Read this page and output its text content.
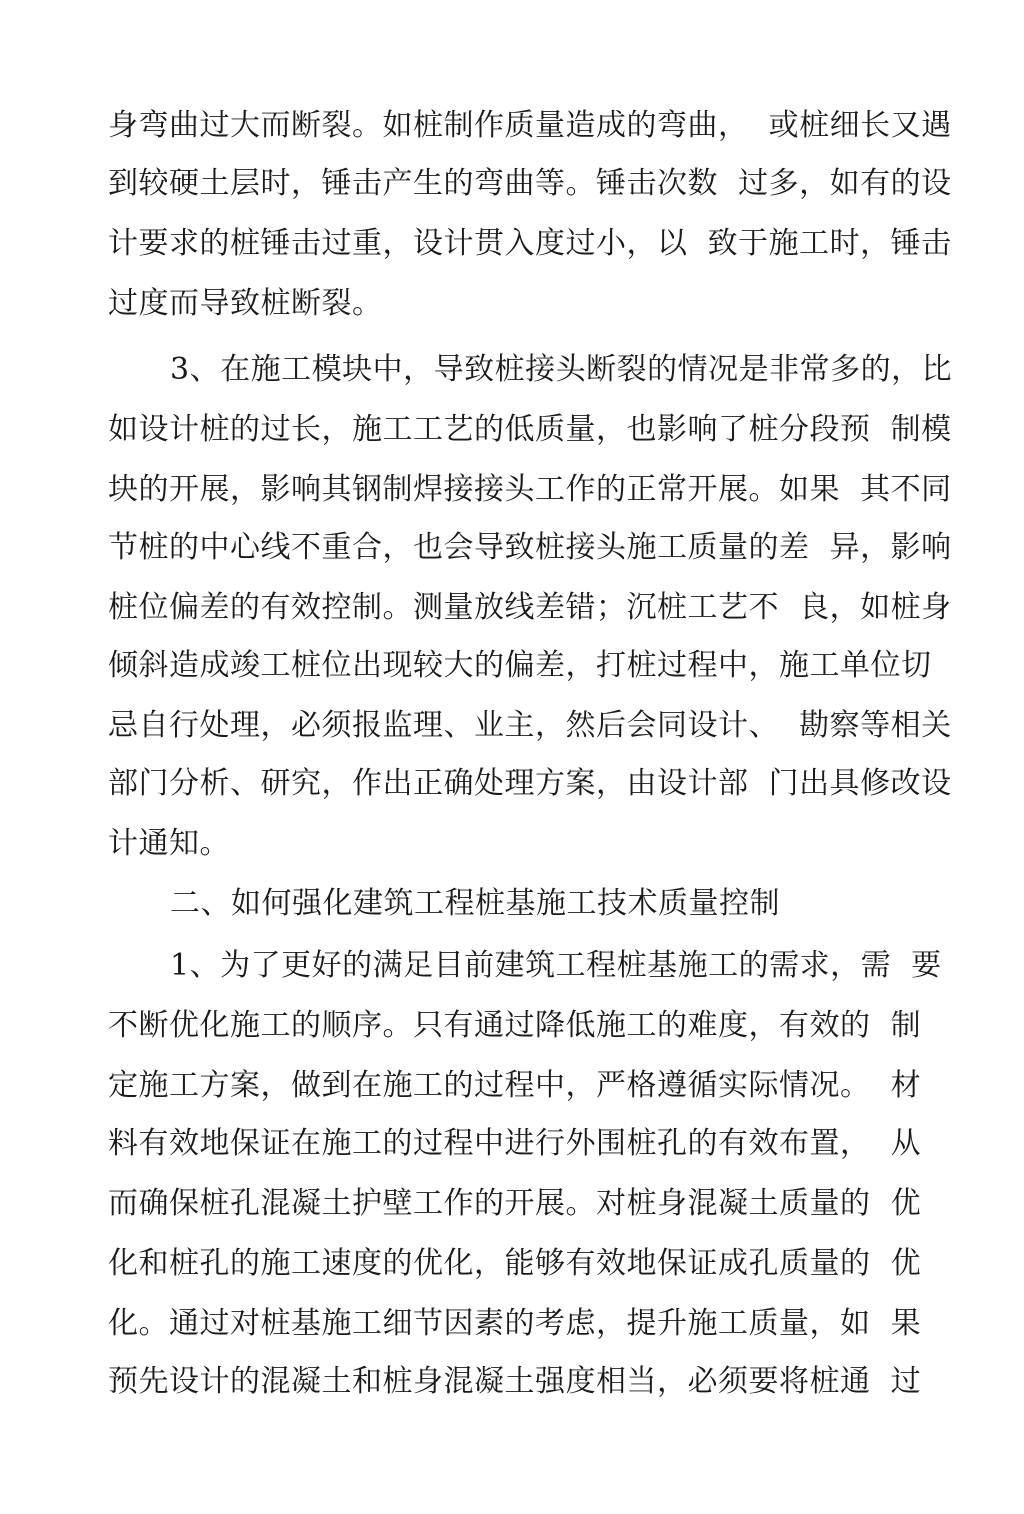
身弯曲过大而断裂。如桩制作质量造成的弯曲，  或桩细长又遇
到较硬土层时，锤击产生的弯曲等。锤击次数  过多，如有的设
计要求的桩锤击过重，设计贯入度过小，以  致于施工时，锤击
过度而导致桩断裂。
3、在施工模块中，导致桩接头断裂的情况是非常多的，比
如设计桩的过长，施工工艺的低质量，也影响了桩分段预  制模
块的开展，影响其钢制焊接接头工作的正常开展。如果  其不同
节桩的中心线不重合，也会导致桩接头施工质量的差  异，影响
桩位偏差的有效控制。测量放线差错；沉桩工艺不  良，如桩身
倾斜造成竣工桩位出现较大的偏差，打桩过程中，施工单位切
忌自行处理，必须报监理、业主，然后会同设计、  勘察等相关
部门分析、研究，作出正确处理方案，由设计部  门出具修改设
计通知。
二、如何强化建筑工程桩基施工技术质量控制
1、为了更好的满足目前建筑工程桩基施工的需求，需  要
不断优化施工的顺序。只有通过降低施工的难度，有效的  制
定施工方案，做到在施工的过程中，严格遵循实际情况。  材
料有效地保证在施工的过程中进行外围桩孔的有效布置，  从
而确保桩孔混凝土护壁工作的开展。对桩身混凝土质量的  优
化和桩孔的施工速度的优化，能够有效地保证成孔质量的  优
化。通过对桩基施工细节因素的考虑，提升施工质量，如  果
预先设计的混凝土和桩身混凝土强度相当，必须要将桩通  过
